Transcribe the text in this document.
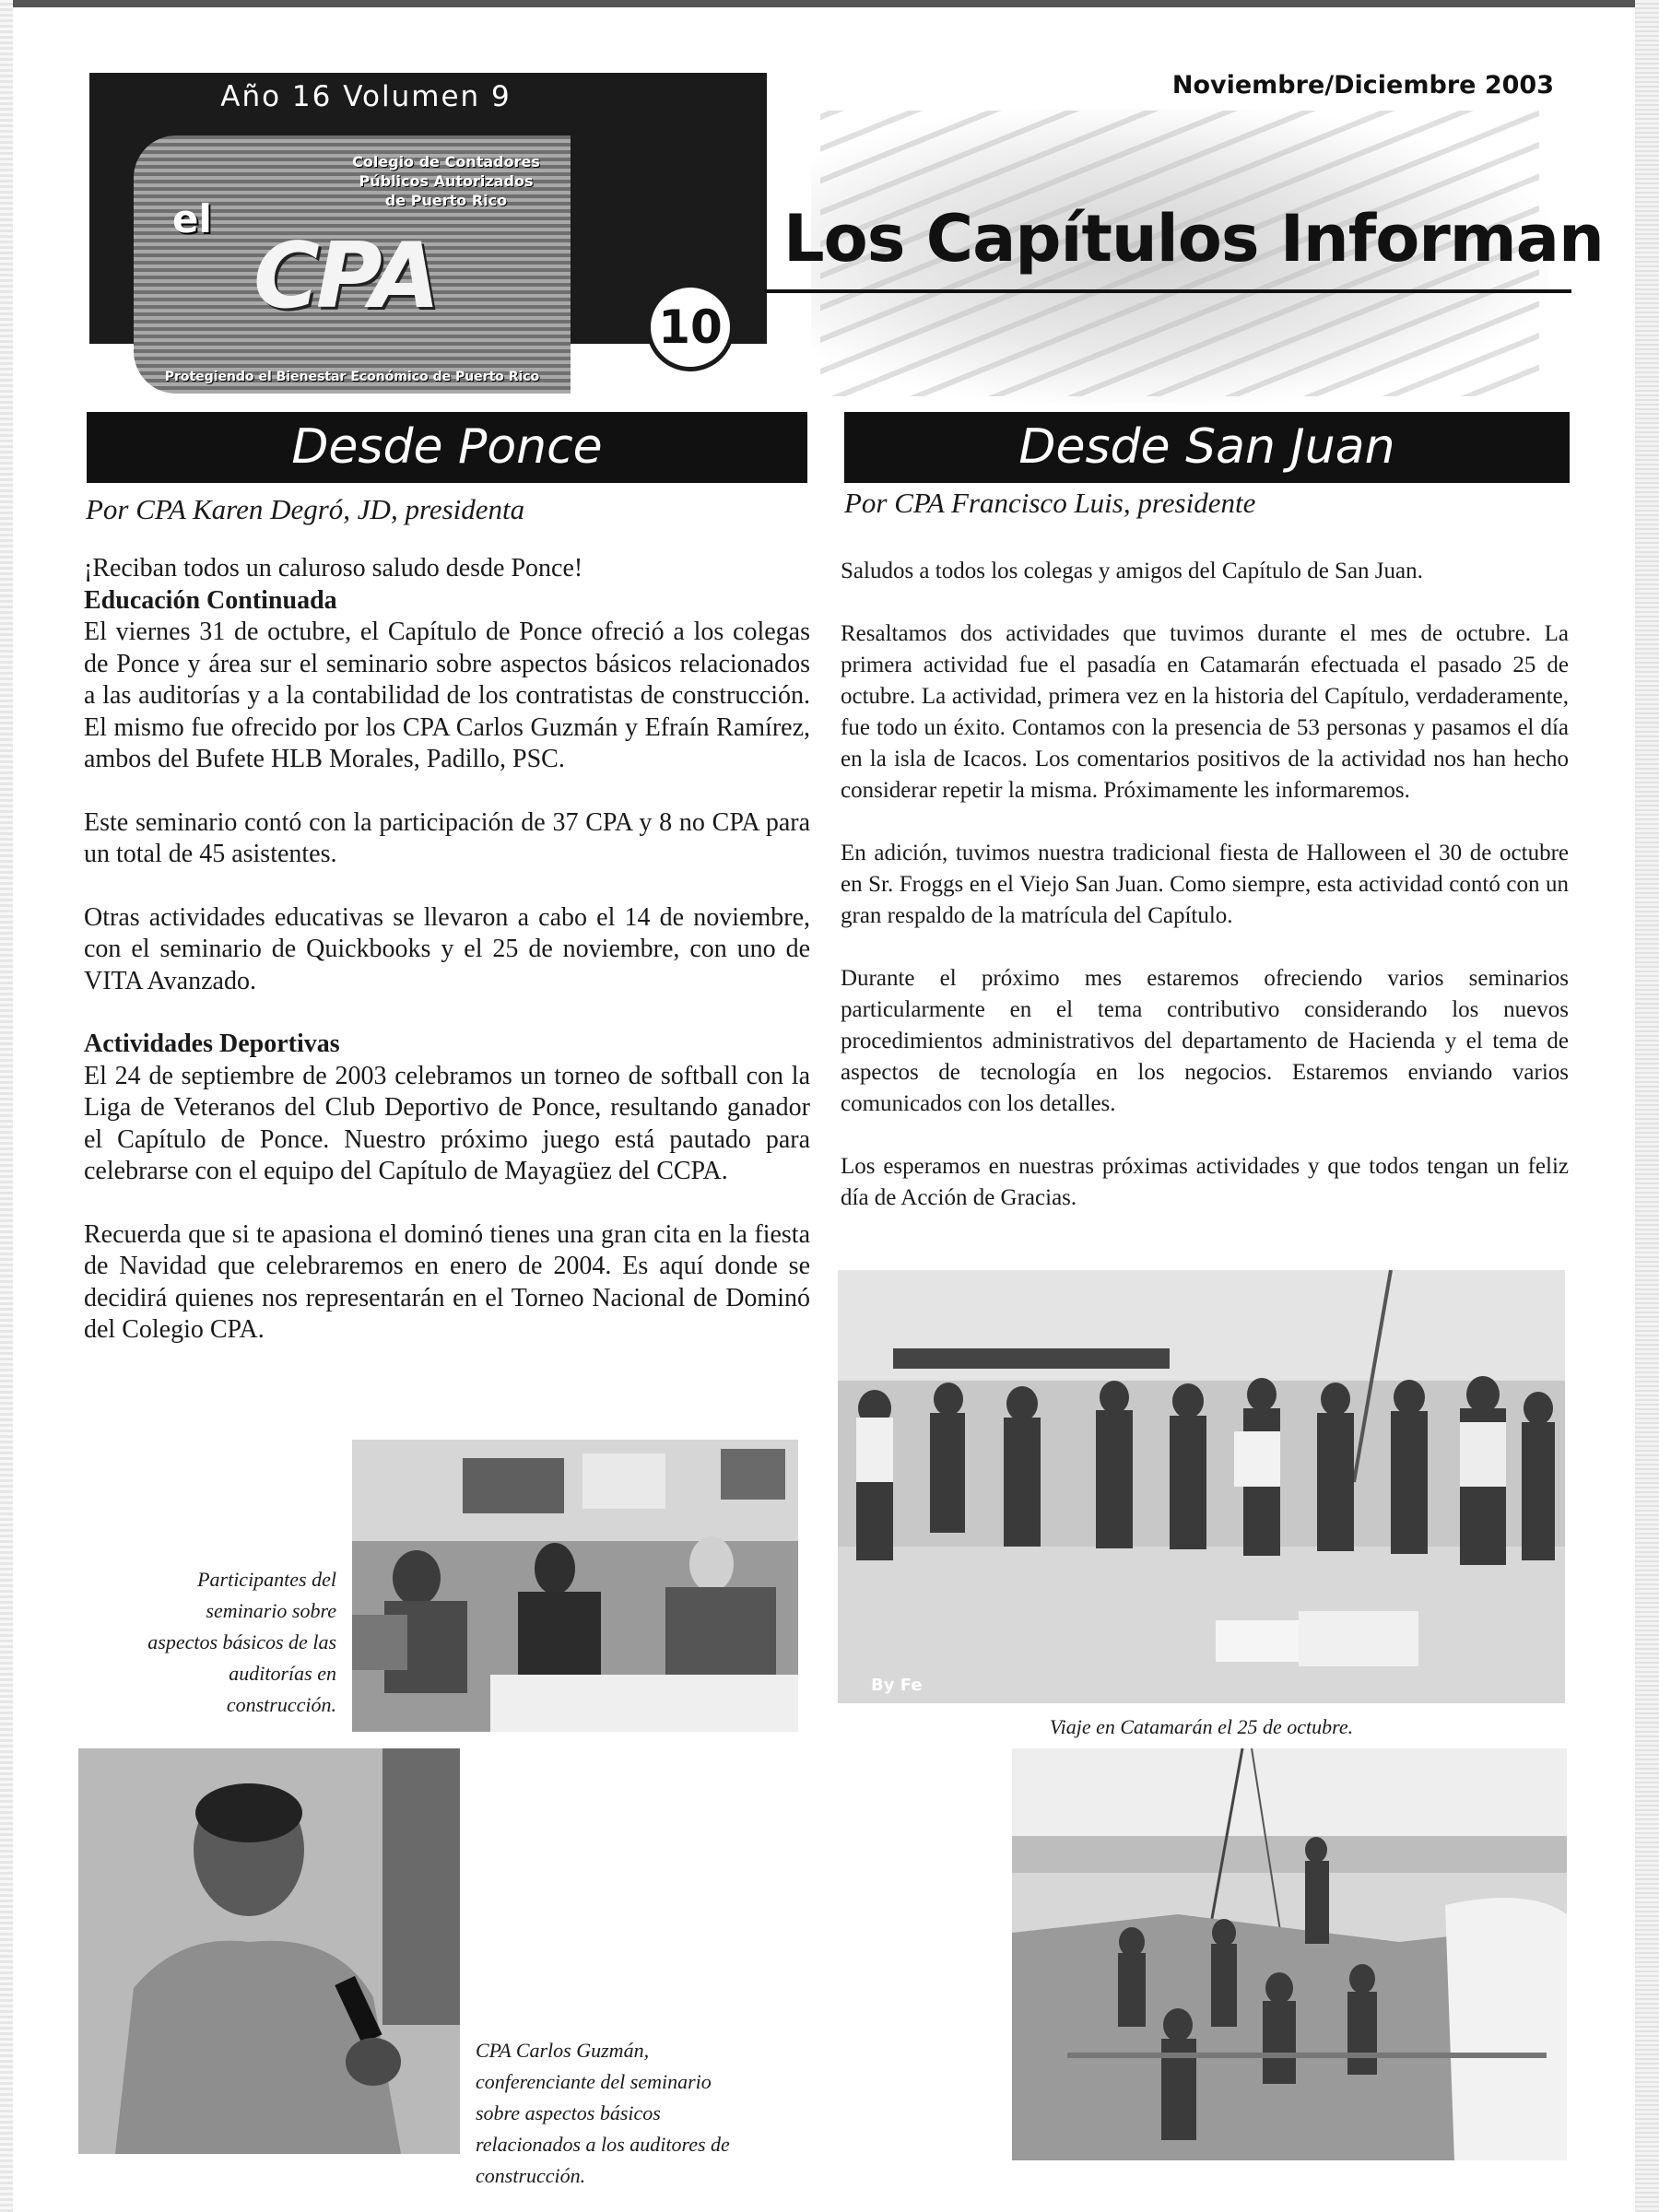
Año 16 Volumen 9
Colegio de Contadores
Públicos Autorizados
de Puerto Rico
el
CPA
Protegiendo el Bienestar Económico de Puerto Rico
10
Noviembre/Diciembre 2003
Los Capítulos Informan
Desde Ponce
Por CPA Karen Degró, JD, presidenta

¡Reciban todos un caluroso saludo desde Ponce!

Educación Continuada

El viernes 31 de octubre, el Capítulo de Ponce ofreció a los colegas de Ponce y área sur el seminario sobre aspectos básicos relacionados a las auditorías y a la contabilidad de los contratistas de construcción. El mismo fue ofrecido por los CPA Carlos Guzmán y Efraín Ramírez, ambos del Bufete HLB Morales, Padillo, PSC.

Este seminario contó con la participación de 37 CPA y 8 no CPA para un total de 45 asistentes.

Otras actividades educativas se llevaron a cabo el 14 de noviembre, con el seminario de Quickbooks y el 25 de noviembre, con uno de VITA Avanzado.

Actividades Deportivas

El 24 de septiembre de 2003 celebramos un torneo de softball con la Liga de Veteranos del Club Deportivo de Ponce, resultando ganador el Capítulo de Ponce. Nuestro próximo juego está pautado para celebrarse con el equipo del Capítulo de Mayagüez del CCPA.

Recuerda que si te apasiona el dominó tienes una gran cita en la fiesta de Navidad que celebraremos en enero de 2004. Es aquí donde se decidirá quienes nos representarán en el Torneo Nacional de Dominó del Colegio CPA.

Participantes del seminario sobre aspectos básicos de las auditorías en construcción.
CPA Carlos Guzmán, conferenciante del seminario sobre aspectos básicos relacionados a los auditores de construcción.
Desde San Juan
Por CPA Francisco Luis, presidente

Saludos a todos los colegas y amigos del Capítulo de San Juan.

Resaltamos dos actividades que tuvimos durante el mes de octubre. La primera actividad fue el pasadía en Catamarán efectuada el pasado 25 de octubre. La actividad, primera vez en la historia del Capítulo, verdaderamente, fue todo un éxito. Contamos con la presencia de 53 personas y pasamos el día en la isla de Icacos. Los comentarios positivos de la actividad nos han hecho considerar repetir la misma. Próximamente les informaremos.

En adición, tuvimos nuestra tradicional fiesta de Halloween el 30 de octubre en Sr. Froggs en el Viejo San Juan. Como siempre, esta actividad contó con un gran respaldo de la matrícula del Capítulo.

Durante el próximo mes estaremos ofreciendo varios seminarios particularmente en el tema contributivo considerando los nuevos procedimientos administrativos del departamento de Hacienda y el tema de aspectos de tecnología en los negocios. Estaremos enviando varios comunicados con los detalles.

Los esperamos en nuestras próximas actividades y que todos tengan un feliz día de Acción de Gracias.

By Fe
Viaje en Catamarán el 25 de octubre.
